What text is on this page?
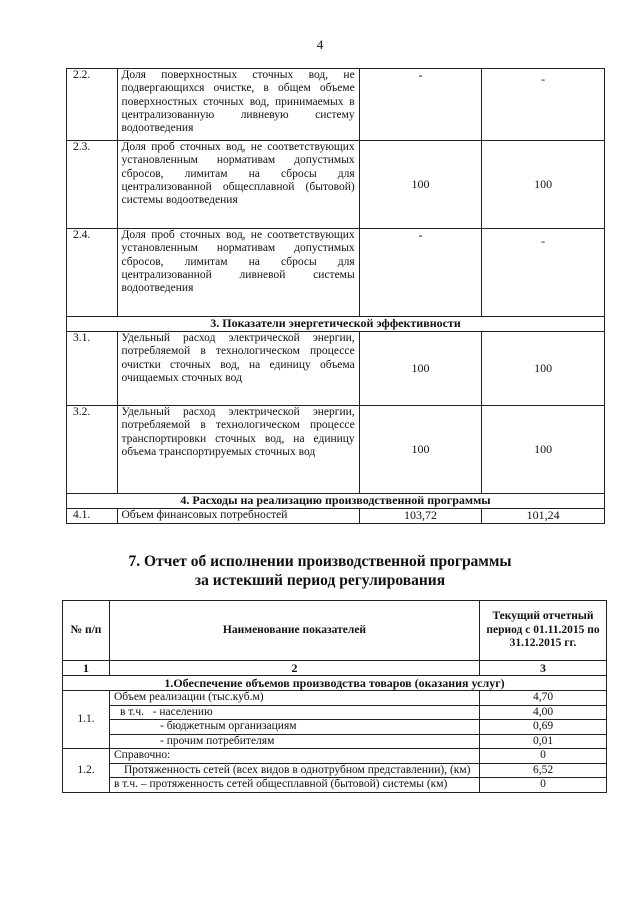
4
2.2.	Доля поверхностных сточных вод, не подвергающихся очистке, в общем объеме поверхностных сточных вод, принимаемых в централизованную ливневую систему водоотведения	-	-
2.3.	Доля проб сточных вод, не соответствующих установленным нормативам допустимых сбросов, лимитам на сбросы для централизованной общесплавной (бытовой) системы водоотведения	100	100
2.4.	Доля проб сточных вод, не соответствующих установленным нормативам допустимых сбросов, лимитам на сбросы для централизованной ливневой системы водоотведения	-	-
3. Показатели энергетической эффективности			
3.1.	Удельный расход электрической энергии, потребляемой в технологическом процессе очистки сточных вод, на единицу объема очищаемых сточных вод	100	100
3.2.	Удельный расход электрической энергии, потребляемой в технологическом процессе транспортировки сточных вод, на единицу объема транспортируемых сточных вод	100	100
4. Расходы на реализацию производственной программы			
4.1.	Объем финансовых потребностей	103,72	101,24
7. Отчет об исполнении производственной программы
за истекший период регулирования
№ п/п	Наименование показателей	Текущий отчетный период с 01.11.2015 по 31.12.2015 гг.
1	2	3
1.Обеспечение объемов производства товаров (оказания услуг)		
1.1.	Объем реализации (тыс.куб.м)	4,70
	в т.ч. - населению	4,00
	- бюджетным организациям	0,69
	- прочим потребителям	0,01
1.2.	Справочно:	0
	Протяженность сетей (всех видов в однотрубном представлении), (км)	6,52
	в т.ч. – протяженность сетей общесплавной (бытовой) системы (км)	0
